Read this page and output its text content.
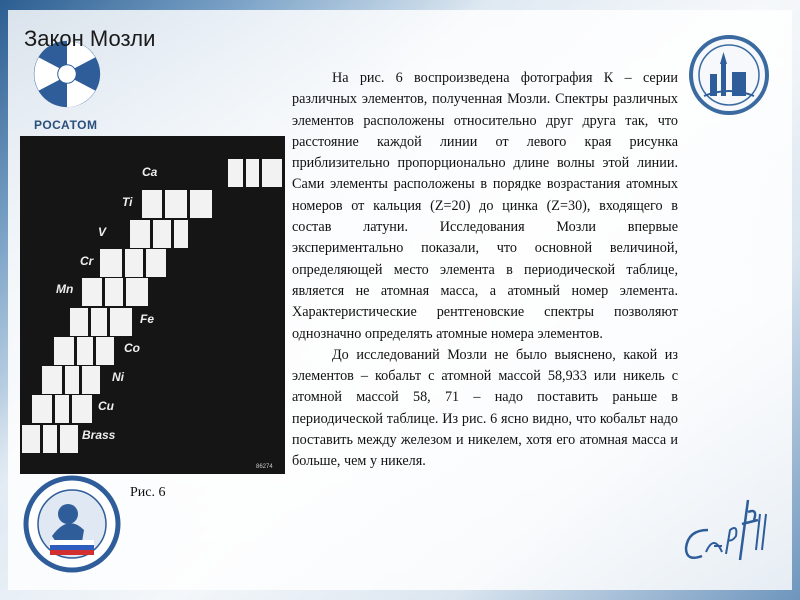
РОСАТОМ
Закон Мозли
Ca
Ti
V
Cr
Mn
Fe
Co
Ni
Cu
Brass
86274
Рис. 6

На рис. 6 воспроизведена фотография К – серии различных элементов, полученная Мозли. Спектры различных элементов расположены относительно друг друга так, что расстояние каждой линии от левого края рисунка приблизительно пропорционально длине волны этой линии. Сами элементы расположены в порядке возрастания атомных номеров от кальция (Z=20) до цинка (Z=30), входящего в состав латуни. Исследования Мозли впервые экспериментально показали, что основной величиной, определяющей место элемента в периодической таблице, является не атомная масса, а атомный номер элемента. Характеристические рентгеновские спектры позволяют однозначно определять атомные номера элементов.

До исследований Мозли не было выяснено, какой из элементов – кобальт с атомной массой 58,933 или никель с атомной массой 58, 71 – надо поставить раньше в периодической таблице. Из рис. 6 ясно видно, что кобальт надо поставить между железом и никелем, хотя его атомная масса и больше, чем у никеля.
